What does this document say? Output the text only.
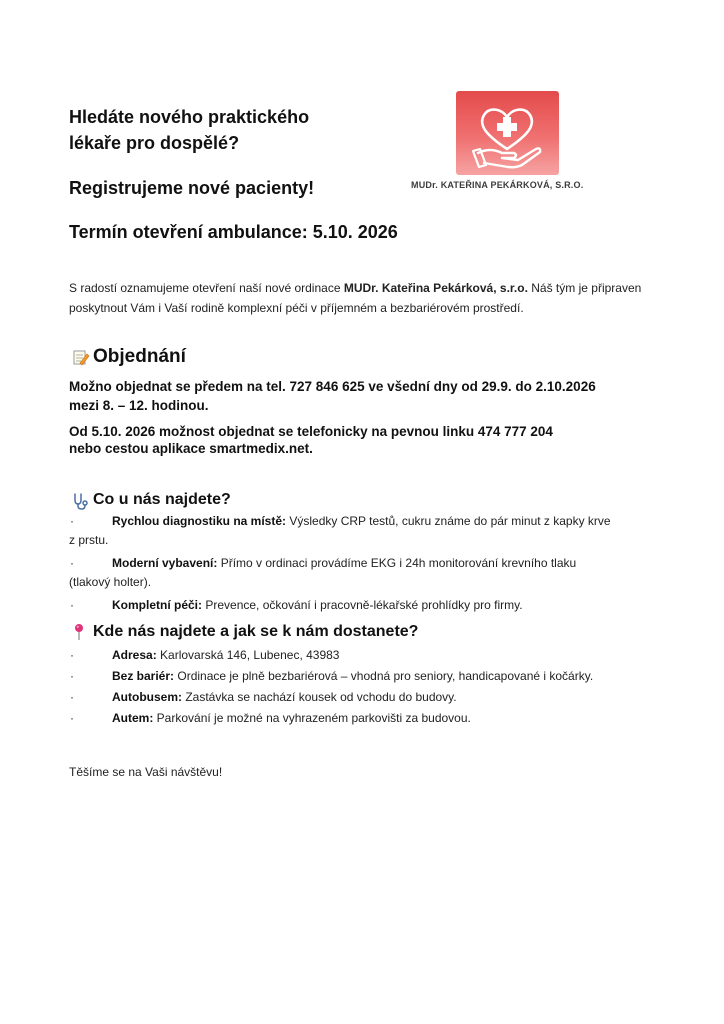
Hledáte nového praktického
lékaře pro dospělé?
Registrujeme nové pacienty!
Termín otevření ambulance: 5.10. 2026
MUDr. KATEŘINA PEKÁRKOVÁ, S.R.O.
S radostí oznamujeme otevření naší nové ordinace MUDr. Kateřina Pekárková, s.r.o. Náš tým je připraven poskytnout Vám i Vaší rodině komplexní péči v příjemném a bezbariérovém prostředí.
Objednání
Možno objednat se předem na tel. 727 846 625 ve všední dny od 29.9. do 2.10.2026
mezi 8. – 12. hodinou.
Od 5.10. 2026 možnost objednat se telefonicky na pevnou linku 474 777 204
nebo cestou aplikace smartmedix.net.
Co u nás najdete?
·	Rychlou diagnostiku na místě: Výsledky CRP testů, cukru známe do pár minut z kapky krve
z prstu.
·	Moderní vybavení: Přímo v ordinaci provádíme EKG i 24h monitorování krevního tlaku
(tlakový holter).
·	Kompletní péči: Prevence, očkování i pracovně-lékařské prohlídky pro firmy.
Kde nás najdete a jak se k nám dostanete?
·	Adresa: Karlovarská 146, Lubenec, 43983
·	Bez bariér: Ordinace je plně bezbariérová – vhodná pro seniory, handicapované i kočárky.
·	Autobusem: Zastávka se nachází kousek od vchodu do budovy.
·	Autem: Parkování je možné na vyhrazeném parkovišti za budovou.
Těšíme se na Vaši návštěvu!
